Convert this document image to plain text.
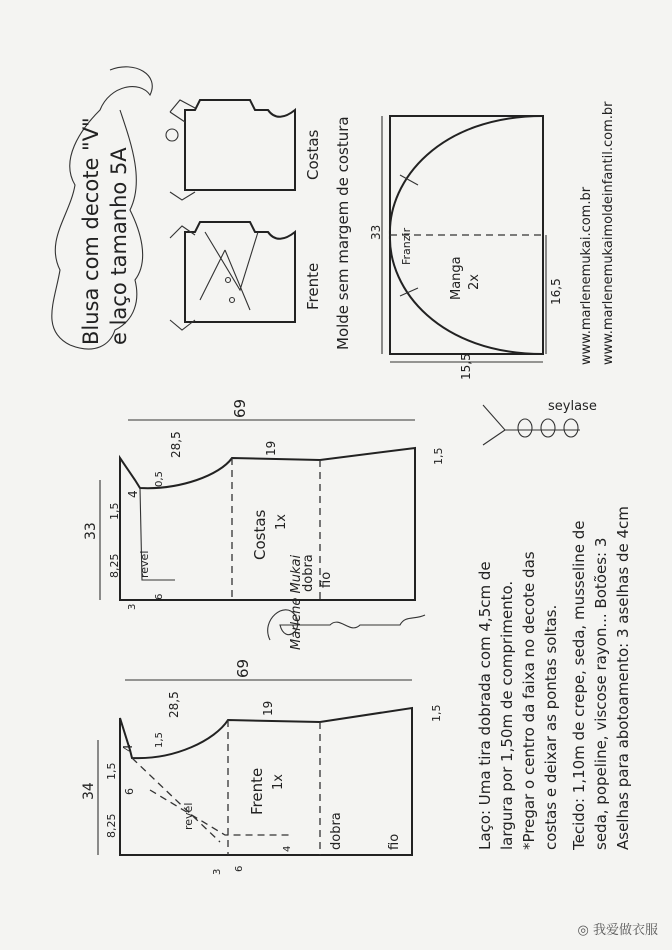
Blusa com decote "V" e laço tamanho 5A	Costas
Frente Molde sem margem de costura	Franzir
Manga 2x	16,5
33
15,5
www.marlenemukai.com.br www.marlenemukaimoldeinfantil.com.br
69
28,5	19	1,5
4
0,5
1,5
33
8,25 revel
6
3
Costas 1x
dobra fio
Marlene Mukai
69
28,5	19	1,5
4
1,5
1,5
34
8,25
6
revel
6
3
4
Frente 1x
dobra	fio
seylase
Laço: Uma tira dobrada com 4,5cm de largura por 1,50m de comprimento. *Pregar o centro da faixa no decote das costas e deixar as pontas soltas. Tecido: 1,10m de crepe, seda, musseline de seda, popeline, viscose rayon... Botões: 3 Aselhas para abotoamento: 3 aselhas de 4cm
◎ 我爱做衣服
